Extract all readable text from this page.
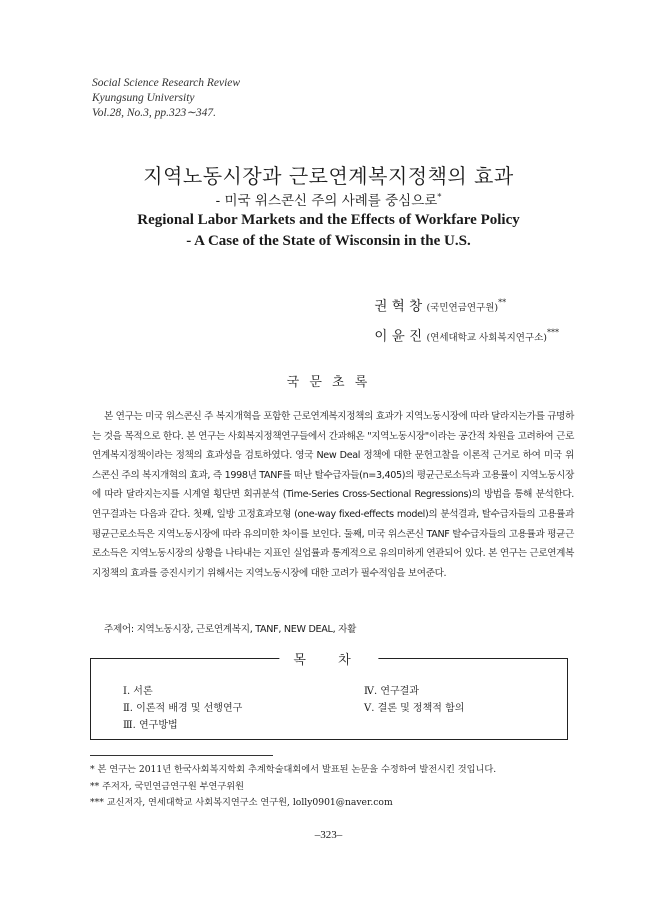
Social Science Research Review
Kyungsung University
Vol.28, No.3, pp.323∼347.
지역노동시장과 근로연계복지정책의 효과
- 미국 위스콘신 주의 사례를 중심으로*
Regional Labor Markets and the Effects of Workfare Policy
- A Case of the State of Wisconsin in the U.S.
권 혁 창 (국민연금연구원)**
이 윤 진 (연세대학교 사회복지연구소)***
국 문 초 록
본 연구는 미국 위스콘신 주 복지개혁을 포함한 근로연계복지정책의 효과가 지역노동시장에 따라 달라지는가를 규명하는 것을 목적으로 한다. 본 연구는 사회복지정책연구들에서 간과해온 "지역노동시장"이라는 공간적 차원을 고려하여 근로연계복지정책이라는 정책의 효과성을 검토하였다. 영국 New Deal 정책에 대한 문헌고찰을 이론적 근거로 하여 미국 위스콘신 주의 복지개혁의 효과, 즉 1998년 TANF를 떠난 탈수급자들(n=3,405)의 평균근로소득과 고용률이 지역노동시장에 따라 달라지는지를 시계열 횡단면 회귀분석 (Time-Series Cross-Sectional Regressions)의 방법을 통해 분석한다. 연구결과는 다음과 같다. 첫째, 일방 고정효과모형 (one-way fixed-effects model)의 분석결과, 탈수급자들의 고용률과 평균근로소득은 지역노동시장에 따라 유의미한 차이를 보인다. 둘째, 미국 위스콘신 TANF 탈수급자들의 고용률과 평균근로소득은 지역노동시장의 상황을 나타내는 지표인 실업률과 통계적으로 유의미하게 연관되어 있다. 본 연구는 근로연계복지정책의 효과를 증진시키기 위해서는 지역노동시장에 대한 고려가 필수적임을 보여준다.
주제어: 지역노동시장, 근로연계복지, TANF, NEW DEAL, 자활
목 차
Ⅰ. 서론
Ⅱ. 이론적 배경 및 선행연구
Ⅲ. 연구방법
Ⅳ. 연구결과
Ⅴ. 결론 및 정책적 함의
* 본 연구는 2011년 한국사회복지학회 추계학술대회에서 발표된 논문을 수정하여 발전시킨 것입니다.
** 주저자, 국민연금연구원 부연구위원
*** 교신저자, 연세대학교 사회복지연구소 연구원, lolly0901@naver.com
–323–
